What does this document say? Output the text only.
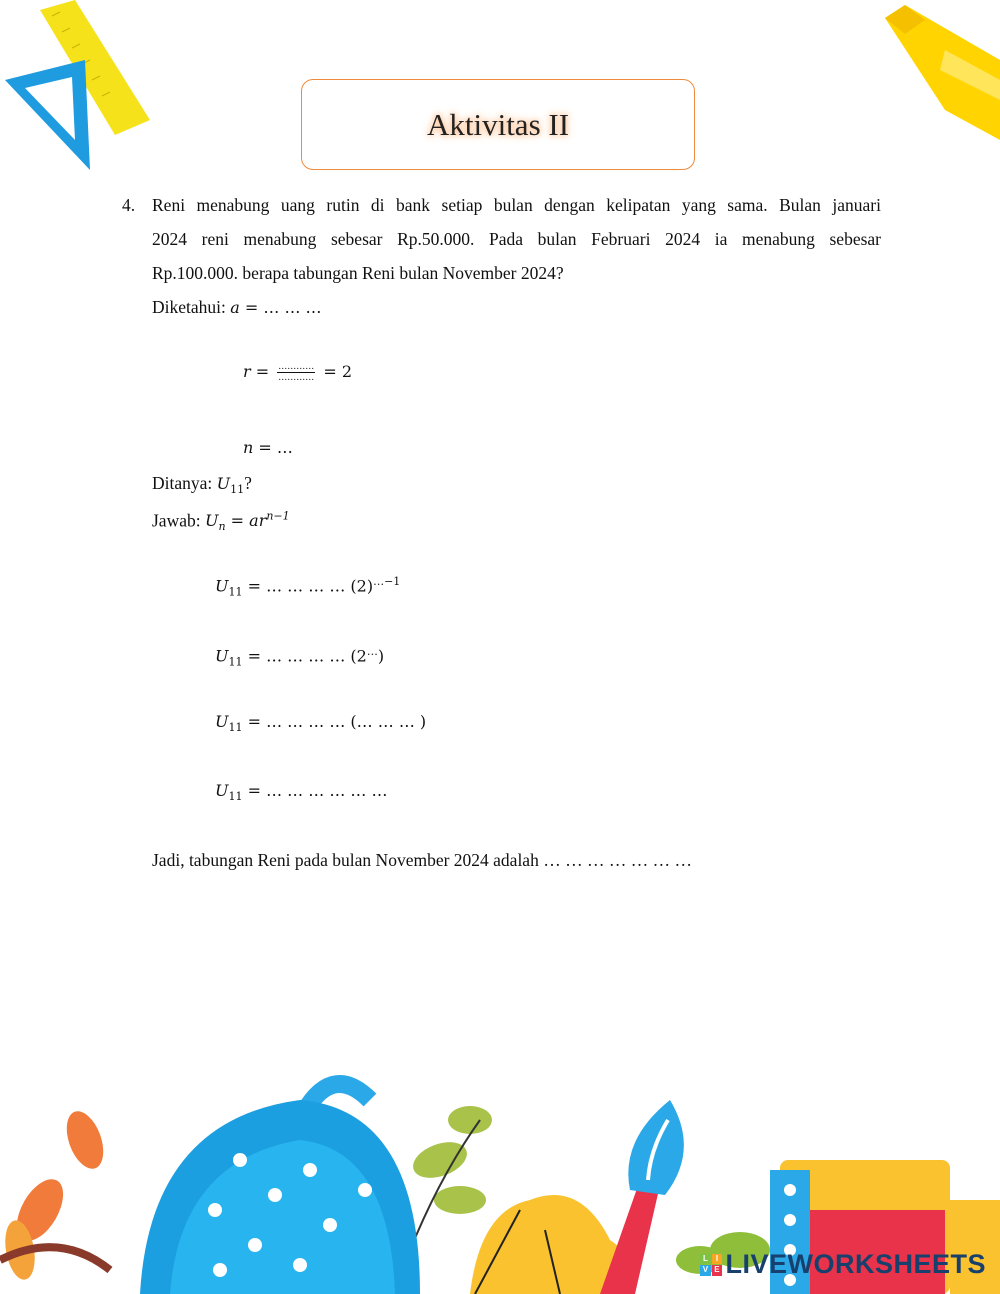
Aktivitas II
4. Reni menabung uang rutin di bank setiap bulan dengan kelipatan yang sama. Bulan januari
2024 reni menabung sebesar Rp.50.000. Pada bulan Februari 2024 ia menabung sebesar
Rp.100.000. berapa tabungan Reni bulan November 2024?
Diketahui: a = … … …
$r = \frac{\dots\dots\dots\dots}{\dots\dots\dots\dots} = 2$
n = …
Ditanya: $U_{11}$?
Jawab: $U_n = ar^{n-1}$
$U_{11}$ = … … … … $(2)^{\dots-1}$
$U_{11}$ = … … … … (2…)
$U_{11}$ = … … … … (… … … )
$U_{11}$ = … … … … … …
Jadi, tabungan Reni pada bulan November 2024 adalah … … … … … … …
L I
V E LIVEWORKSHEETS
